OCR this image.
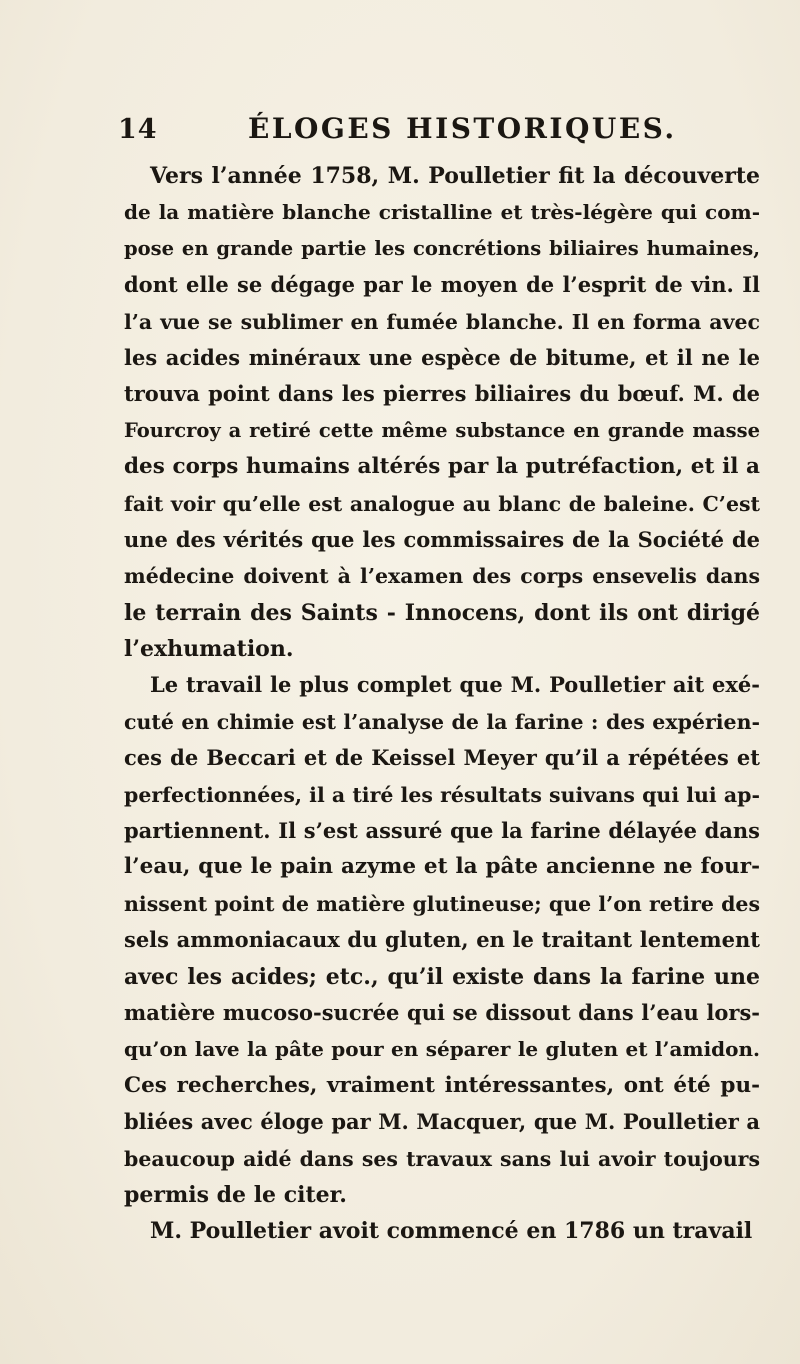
14	ÉLOGES HISTORIQUES.
Vers l’année 1758, M. Poulletier fit la découverte
de la matière blanche cristalline et très-légère qui com-
pose en grande partie les concrétions biliaires humaines,
dont elle se dégage par le moyen de l’esprit de vin. Il
l’a vue se sublimer en fumée blanche. Il en forma avec
les acides minéraux une espèce de bitume, et il ne le
trouva point dans les pierres biliaires du bœuf. M. de
Fourcroy a retiré cette même substance en grande masse
des corps humains altérés par la putréfaction, et il a
fait voir qu’elle est analogue au blanc de baleine. C’est
une des vérités que les commissaires de la Société de
médecine doivent à l’examen des corps ensevelis dans
le terrain des Saints - Innocens, dont ils ont dirigé
l’exhumation.
Le travail le plus complet que M. Poulletier ait exé-
cuté en chimie est l’analyse de la farine : des expérien-
ces de Beccari et de Keissel Meyer qu’il a répétées et
perfectionnées, il a tiré les résultats suivans qui lui ap-
partiennent. Il s’est assuré que la farine délayée dans
l’eau, que le pain azyme et la pâte ancienne ne four-
nissent point de matière glutineuse; que l’on retire des
sels ammoniacaux du gluten, en le traitant lentement
avec les acides; etc., qu’il existe dans la farine une
matière mucoso-sucrée qui se dissout dans l’eau lors-
qu’on lave la pâte pour en séparer le gluten et l’amidon.
Ces recherches, vraiment intéressantes, ont été pu-
bliées avec éloge par M. Macquer, que M. Poulletier a
beaucoup aidé dans ses travaux sans lui avoir toujours
permis de le citer.
M. Poulletier avoit commencé en 1786 un travail
